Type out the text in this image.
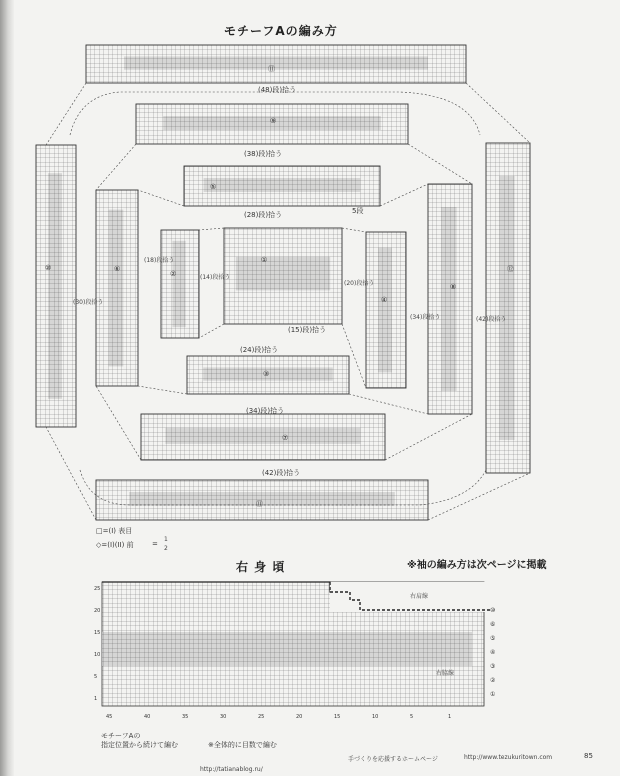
45	40	35	30	25	20	15	10	5	1
1
5
10
15
20
25
⑩
⑥
⑤
④
③
②
①
モチーフAの編み方
右 身 頃	※袖の編み方は次ページに掲載
⑪
⑨
⑤
①
②
③
④
⑥
⑦
⑧
⑩
⑪
⑫
(48)段)拾う
(38)段)拾う
(28)段)拾う
(15)段)拾う
(24)段)拾う
(34)段)拾う
(42)段)拾う
5段
(18)段拾う
(14)段拾う
(20)段拾う
(30)段拾う
(34)段拾う	(42)段拾う
□=(I) 表目
◇=(I)(II) 前	=
1
2
右肩線
右脇線
モチーフAの
指定位置から続けて編む	※全体的に目数で編む
手づくりを応援するホームページ	http://www.tezukuritown.com	85
http://tatianablog.ru/
